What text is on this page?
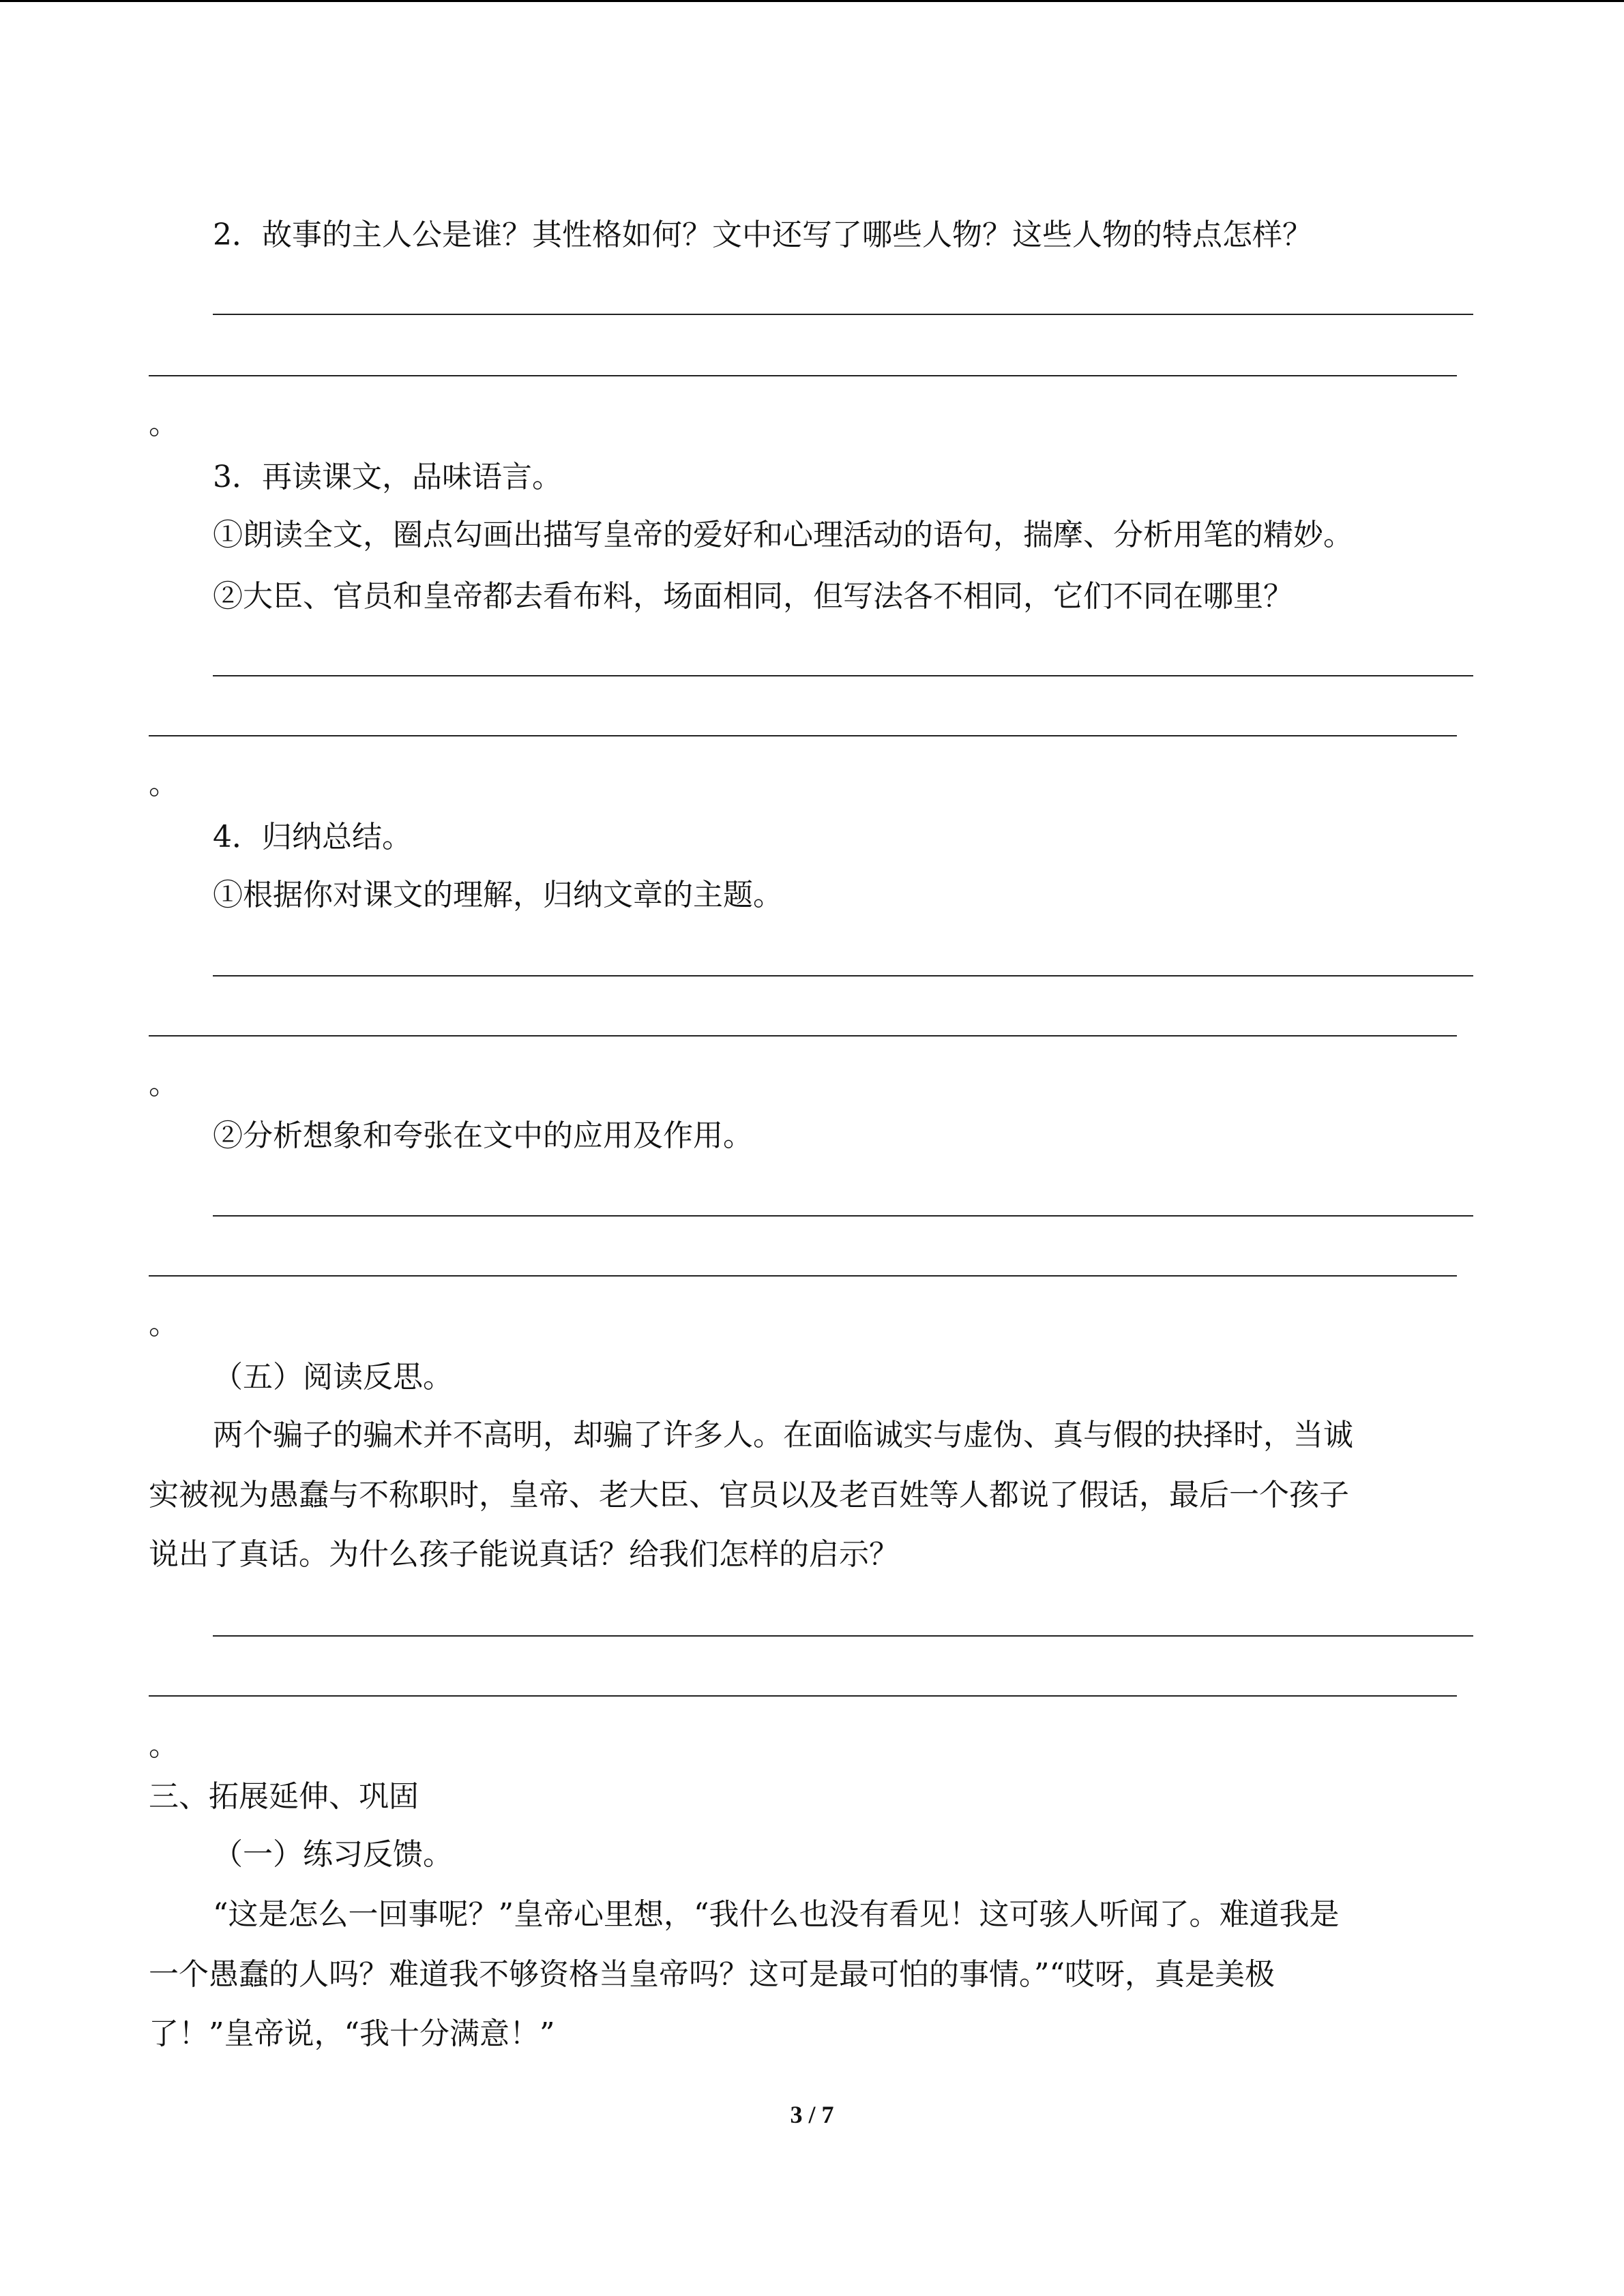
2．故事的主人公是谁？其性格如何？文中还写了哪些人物？这些人物的特点怎样？
。
3．再读课文，品味语言。
①朗读全文，圈点勾画出描写皇帝的爱好和心理活动的语句，揣摩、分析用笔的精妙。
②大臣、官员和皇帝都去看布料，场面相同，但写法各不相同，它们不同在哪里？
。
4．归纳总结。
①根据你对课文的理解，归纳文章的主题。
。
②分析想象和夸张在文中的应用及作用。
。
（五）阅读反思。
两个骗子的骗术并不高明，却骗了许多人。在面临诚实与虚伪、真与假的抉择时，当诚
实被视为愚蠢与不称职时，皇帝、老大臣、官员以及老百姓等人都说了假话，最后一个孩子
说出了真话。为什么孩子能说真话？给我们怎样的启示？
。
三、拓展延伸、巩固
（一）练习反馈。
“这是怎么一回事呢？”皇帝心里想，“我什么也没有看见！这可骇人听闻了。难道我是
一个愚蠢的人吗？难道我不够资格当皇帝吗？这可是最可怕的事情。”“哎呀，真是美极
了！”皇帝说，“我十分满意！”
3 / 7
